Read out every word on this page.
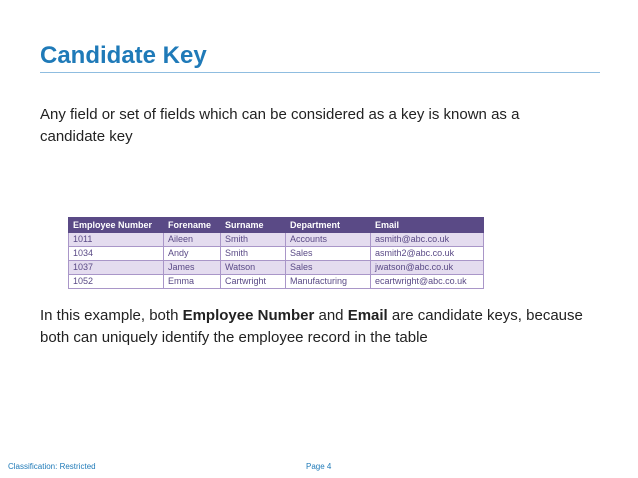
Candidate Key
Any field or set of fields which can be considered as a key is known as a candidate key
Employee Number	Forename	Surname	Department	Email
1011	Aileen	Smith	Accounts	asmith@abc.co.uk
1034	Andy	Smith	Sales	asmith2@abc.co.uk
1037	James	Watson	Sales	jwatson@abc.co.uk
1052	Emma	Cartwright	Manufacturing	ecartwright@abc.co.uk
In this example, both Employee Number and Email are candidate keys, because both can uniquely identify the employee record in the table
Classification: Restricted	Page 4
